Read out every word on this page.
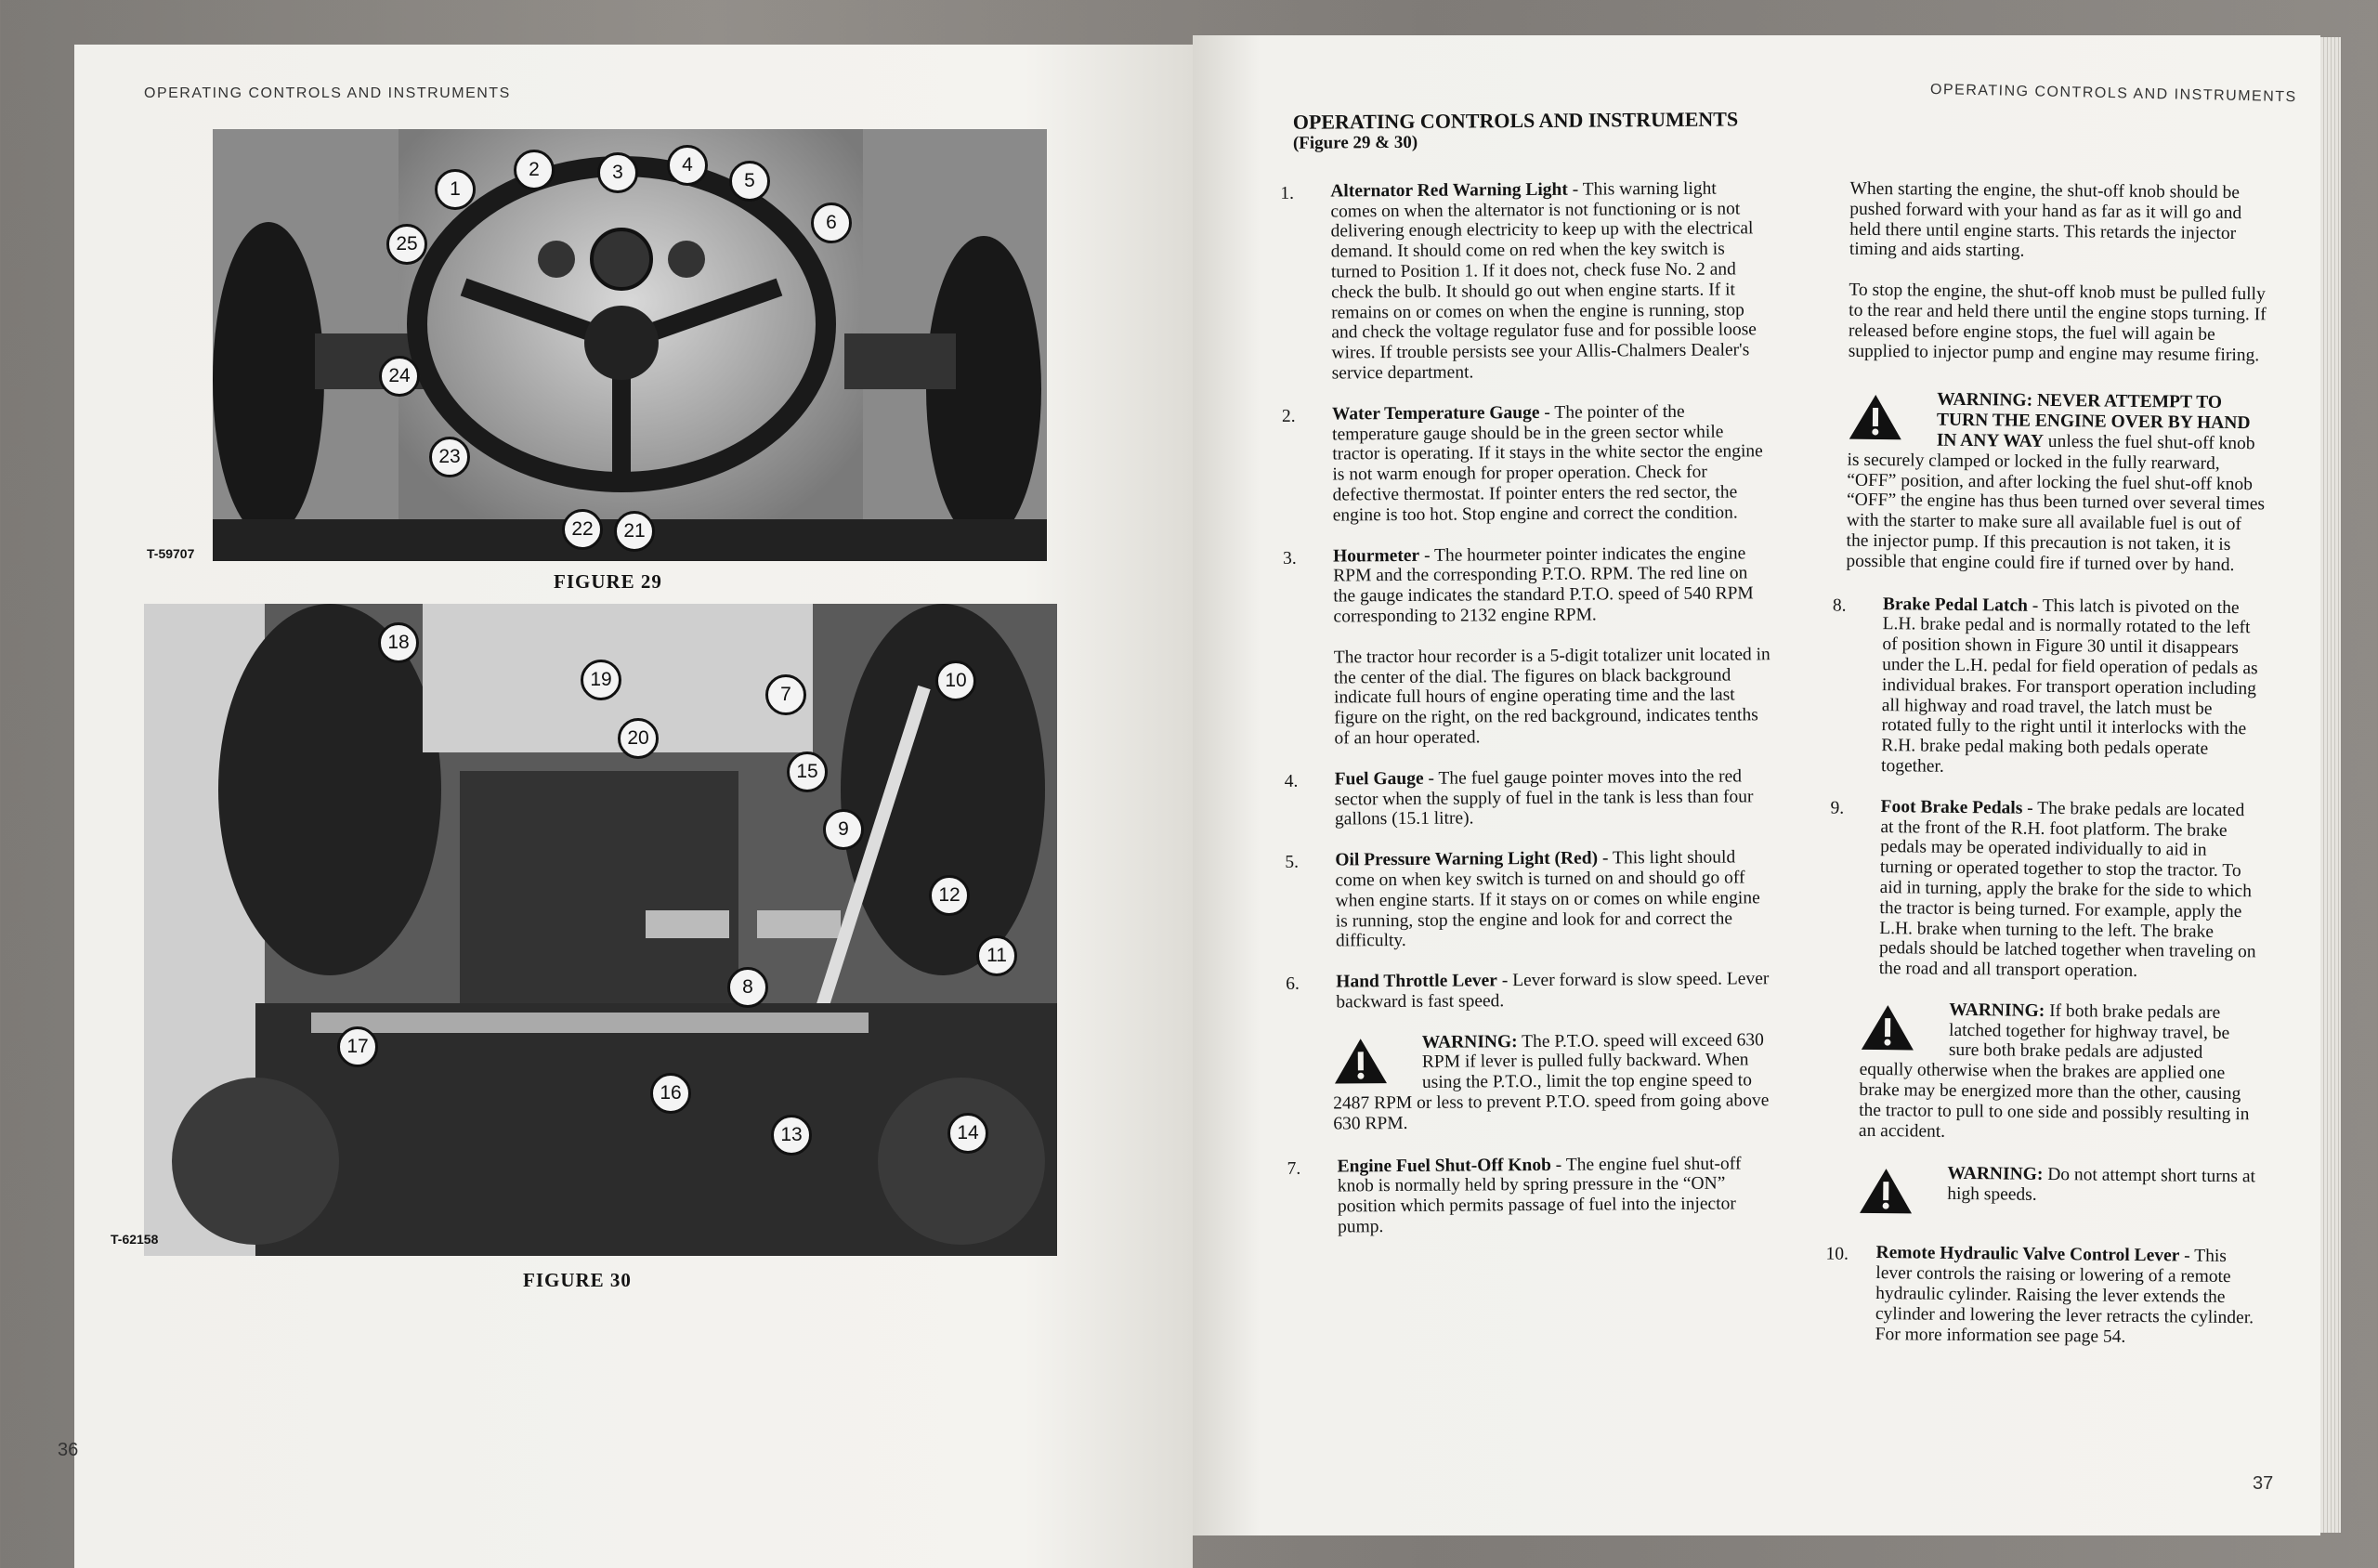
OPERATING CONTROLS AND INSTRUMENTS
1
2	3	4
5
6
25
24
23
22	21
T-59707
FIGURE 29
18
19
7
10
20
15
9
12
11
8
17
16
13	14
T-62158
FIGURE 30
36
OPERATING CONTROLS AND INSTRUMENTS
OPERATING CONTROLS AND INSTRUMENTS
(Figure 29 & 30)
1. Alternator Red Warning Light - This warning light comes on when the alternator is not functioning or is not delivering enough electricity to keep up with the electrical demand. It should come on red when the key switch is turned to Position 1. If it does not, check fuse No. 2 and check the bulb. It should go out when engine starts. If it remains on or comes on when the engine is running, stop and check the voltage regulator fuse and for possible loose wires. If trouble persists see your Allis-Chalmers Dealer's service department.
2. Water Temperature Gauge - The pointer of the temperature gauge should be in the green sector while tractor is operating. If it stays in the white sector the engine is not warm enough for proper operation. Check for defective thermostat. If pointer enters the red sector, the engine is too hot. Stop engine and correct the condition.
3. Hourmeter - The hourmeter pointer indicates the engine RPM and the corresponding P.T.O. RPM. The red line on the gauge indicates the standard P.T.O. speed of 540 RPM corresponding to 2132 engine RPM.
The tractor hour recorder is a 5-digit totalizer unit located in the center of the dial. The figures on black background indicate full hours of engine operating time and the last figure on the right, on the red background, indicates tenths of an hour operated.
4. Fuel Gauge - The fuel gauge pointer moves into the red sector when the supply of fuel in the tank is less than four gallons (15.1 litre).
5. Oil Pressure Warning Light (Red) - This light should come on when key switch is turned on and should go off when engine starts. If it stays on or comes on while engine is running, stop the engine and look for and correct the difficulty.
6. Hand Throttle Lever - Lever forward is slow speed. Lever backward is fast speed.
WARNING: The P.T.O. speed will exceed 630 RPM if lever is pulled fully backward. When using the P.T.O., limit the top engine speed to 2487 RPM or less to prevent P.T.O. speed from going above 630 RPM.
7. Engine Fuel Shut-Off Knob - The engine fuel shut-off knob is normally held by spring pressure in the “ON” position which permits passage of fuel into the injector pump.
When starting the engine, the shut-off knob should be pushed forward with your hand as far as it will go and held there until engine starts. This retards the injector timing and aids starting.
To stop the engine, the shut-off knob must be pulled fully to the rear and held there until the engine stops turning. If released before engine stops, the fuel will again be supplied to injector pump and engine may resume firing.
WARNING: NEVER ATTEMPT TO TURN THE ENGINE OVER BY HAND IN ANY WAY unless the fuel shut-off knob is securely clamped or locked in the fully rearward, “OFF” position, and after locking the fuel shut-off knob “OFF” the engine has thus been turned over several times with the starter to make sure all available fuel is out of the injector pump. If this precaution is not taken, it is possible that engine could fire if turned over by hand.
8. Brake Pedal Latch - This latch is pivoted on the L.H. brake pedal and is normally rotated to the left of position shown in Figure 30 until it disappears under the L.H. pedal for field operation of pedals as individual brakes. For transport operation including all highway and road travel, the latch must be rotated fully to the right until it interlocks with the R.H. brake pedal making both pedals operate together.
9. Foot Brake Pedals - The brake pedals are located at the front of the R.H. foot platform. The brake pedals may be operated individually to aid in turning or operated together to stop the tractor. To aid in turning, apply the brake for the side to which the tractor is being turned. For example, apply the L.H. brake when turning to the left. The brake pedals should be latched together when traveling on the road and all transport operation.
WARNING: If both brake pedals are latched together for highway travel, be sure both brake pedals are adjusted equally otherwise when the brakes are applied one brake may be energized more than the other, causing the tractor to pull to one side and possibly resulting in an accident.
WARNING: Do not attempt short turns at high speeds.
10. Remote Hydraulic Valve Control Lever - This lever controls the raising or lowering of a remote hydraulic cylinder. Raising the lever extends the cylinder and lowering the lever retracts the cylinder. For more information see page 54.
37
